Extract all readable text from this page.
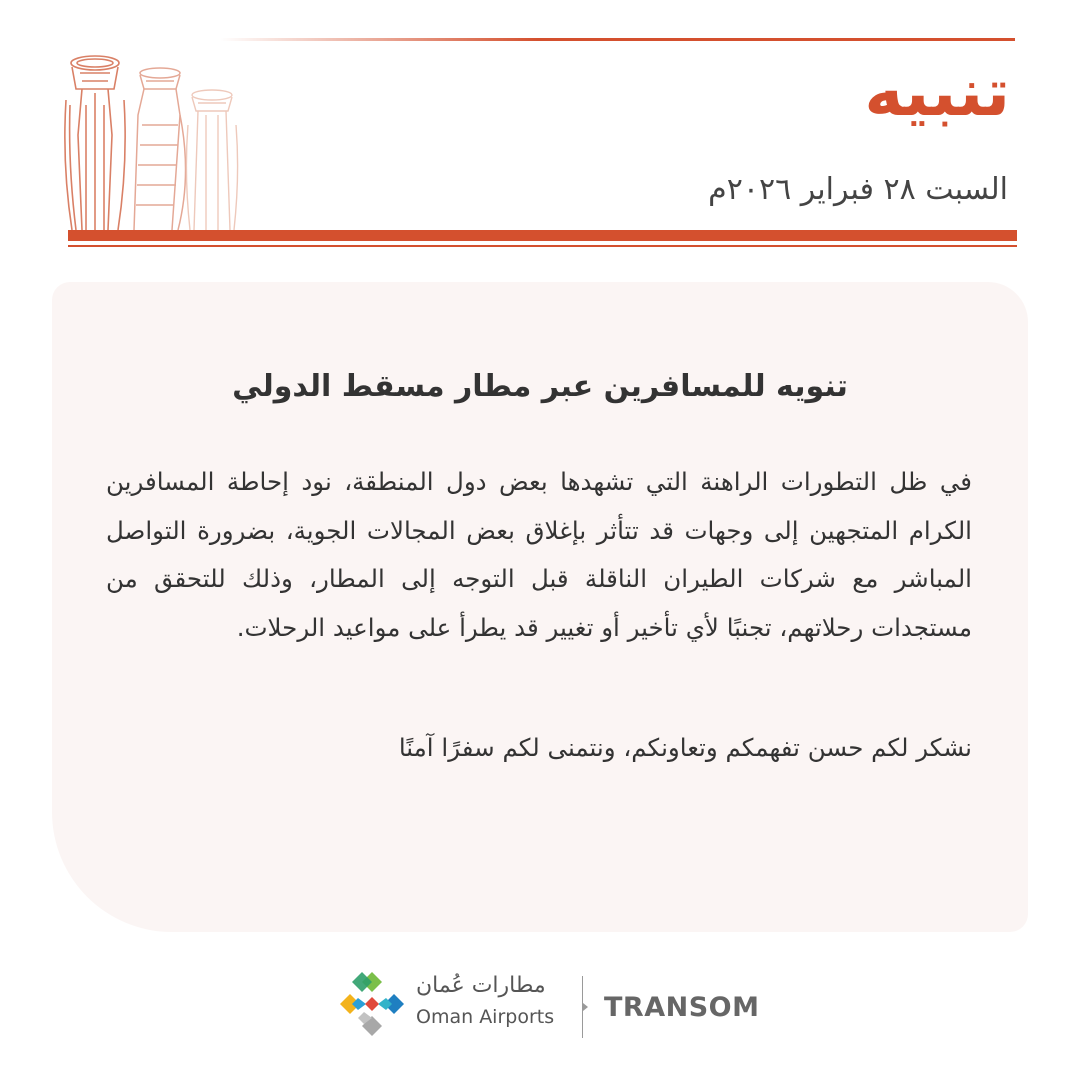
تنبيه
السبت ٢٨ فبراير ٢٠٢٦م
تنويه للمسافرين عبر مطار مسقط الدولي
في ظل التطورات الراهنة التي تشهدها بعض دول المنطقة، نود إحاطة المسافرين الكرام المتجهين إلى وجهات قد تتأثر بإغلاق بعض المجالات الجوية، بضرورة التواصل المباشر مع شركات الطيران الناقلة قبل التوجه إلى المطار، وذلك للتحقق من مستجدات رحلاتهم، تجنبًا لأي تأخير أو تغيير قد يطرأ على مواعيد الرحلات.
نشكر لكم حسن تفهمكم وتعاونكم، ونتمنى لكم سفرًا آمنًا
مطارات عُمان
Oman Airports TRANSOM
